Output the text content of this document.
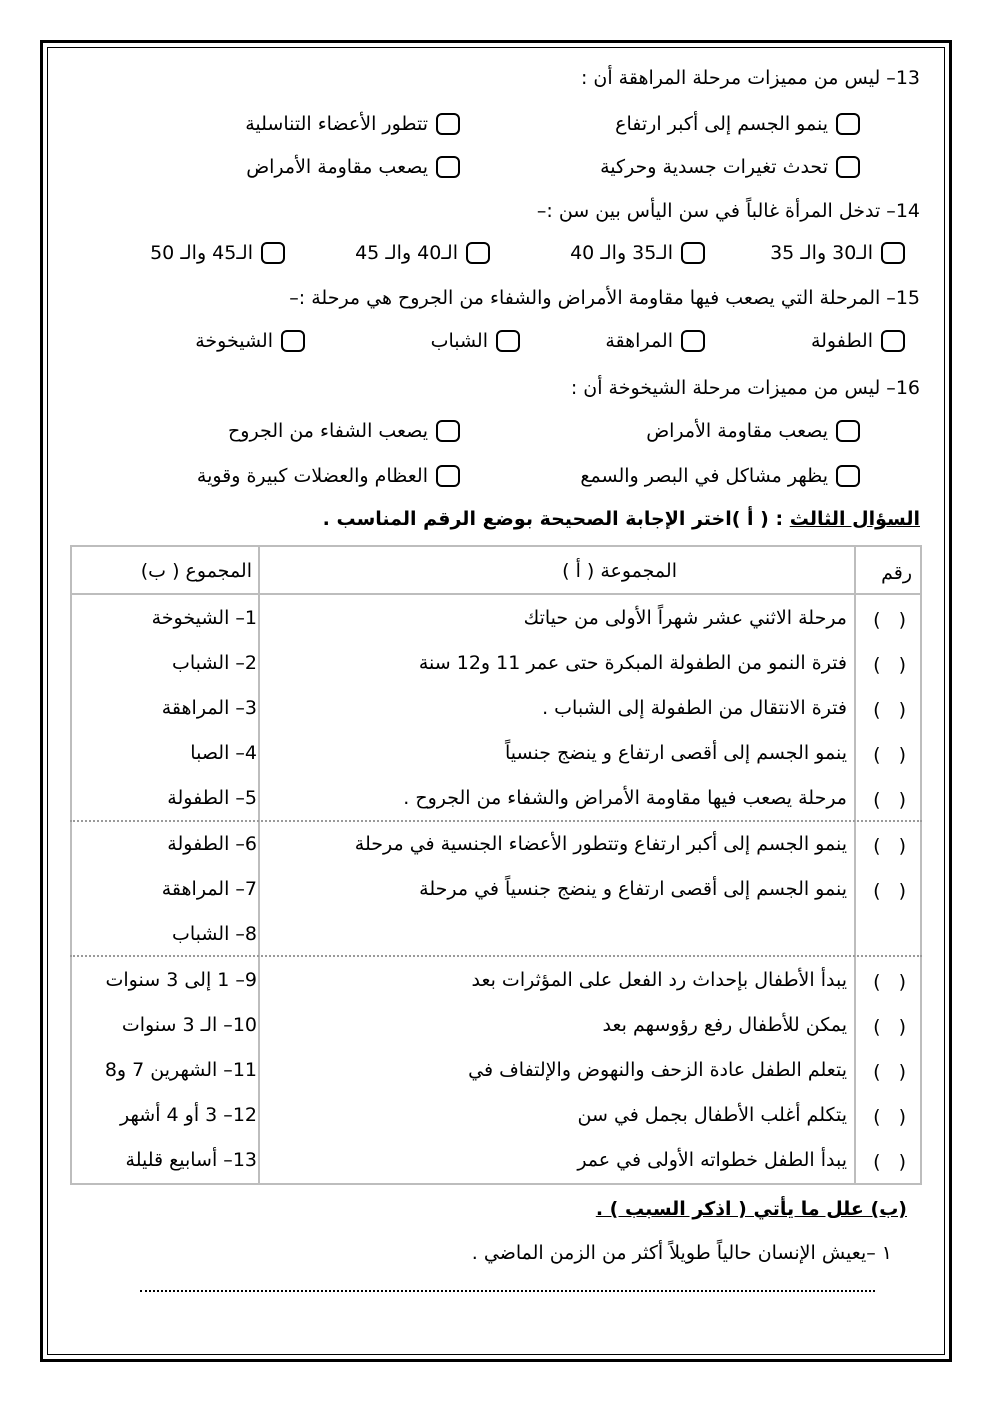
13– ليس من مميزات مرحلة المراهقة أن :
ينمو الجسم إلى أكبر ارتفاع
تتطور الأعضاء التناسلية
تحدث تغيرات جسدية وحركية
يصعب مقاومة الأمراض
14– تدخل المرأة غالباً في سن اليأس بين سن :–
الـ30 والـ 35
الـ35 والـ 40
الـ40 والـ 45
الـ45 والـ 50
15– المرحلة التي يصعب فيها مقاومة الأمراض والشفاء من الجروح هي مرحلة :–
الطفولة
المراهقة
الشباب
الشيخوخة
16– ليس من مميزات مرحلة الشيخوخة أن :
يصعب مقاومة الأمراض
يصعب الشفاء من الجروح
يظهر مشاكل في البصر والسمع
العظام والعضلات كبيرة وقوية
السؤال الثالث : ( أ )اختر الإجابة الصحيحة بوضع الرقم المناسب .
رقم
المجموعة ( أ )
المجموع ( ب)
( )
مرحلة الاثني عشر شهراً الأولى من حياتك
1– الشيخوخة
( )
فترة النمو من الطفولة المبكرة حتى عمر 11 و12 سنة
2– الشباب
( )
فترة الانتقال من الطفولة إلى الشباب .
3– المراهقة
( )
ينمو الجسم إلى أقصى ارتفاع و ينضج جنسياً
4– الصبا
( )
مرحلة يصعب فيها مقاومة الأمراض والشفاء من الجروح .
5– الطفولة
( )
ينمو الجسم إلى أكبر ارتفاع وتتطور الأعضاء الجنسية في مرحلة
6– الطفولة
( )
ينمو الجسم إلى أقصى ارتفاع و ينضج جنسياً في مرحلة
7– المراهقة
8– الشباب
( )
يبدأ الأطفال بإحداث رد الفعل على المؤثرات بعد
9– 1 إلى 3 سنوات
( )
يمكن للأطفال رفع رؤوسهم بعد
10– الـ 3 سنوات
( )
يتعلم الطفل عادة الزحف والنهوض والإلتفاف في
11– الشهرين 7 و8
( )
يتكلم أغلب الأطفال بجمل في سن
12– 3 أو 4 أشهر
( )
يبدأ الطفل خطواته الأولى في عمر
13– أسابيع قليلة
(ب) علل ما يأتي ( اذكر السبب ) .
١ –يعيش الإنسان حالياً طويلاً أكثر من الزمن الماضي .
